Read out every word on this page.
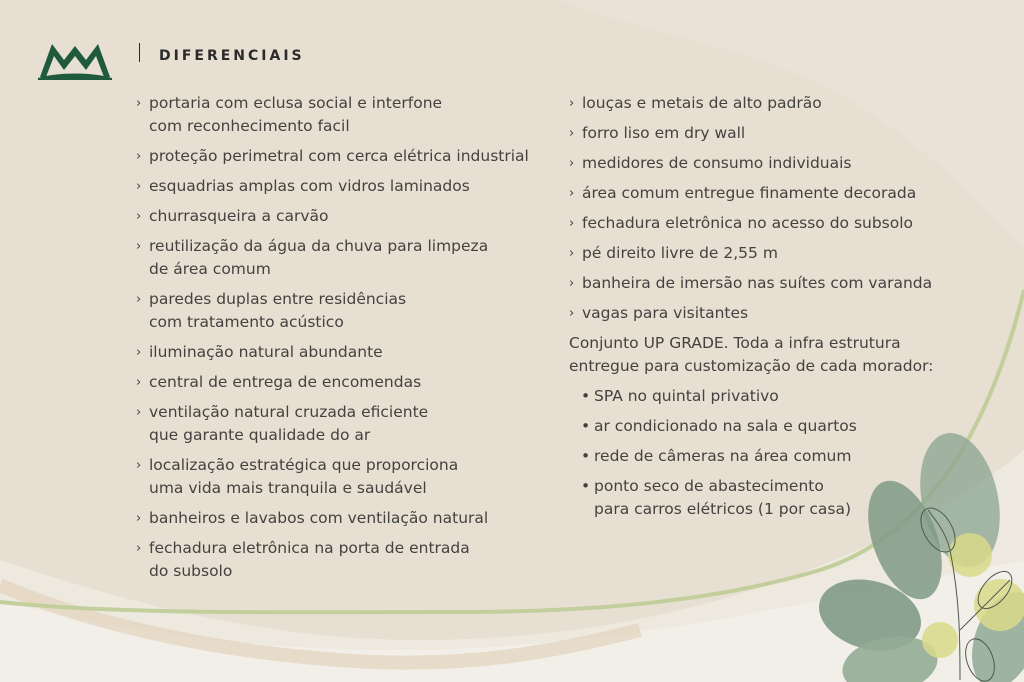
DIFERENCIAIS
› portaria com eclusa social e interfone
com reconhecimento facil
› proteção perimetral com cerca elétrica industrial
› esquadrias amplas com vidros laminados
› churrasqueira a carvão
› reutilização da água da chuva para limpeza
de área comum
› paredes duplas entre residências
com tratamento acústico
› iluminação natural abundante
› central de entrega de encomendas
› ventilação natural cruzada eficiente
que garante qualidade do ar
› localização estratégica que proporciona
uma vida mais tranquila e saudável
› banheiros e lavabos com ventilação natural
› fechadura eletrônica na porta de entrada
do subsolo
› louças e metais de alto padrão
› forro liso em dry wall
› medidores de consumo individuais
› área comum entregue finamente decorada
› fechadura eletrônica no acesso do subsolo
› pé direito livre de 2,55 m
› banheira de imersão nas suítes com varanda
› vagas para visitantes
Conjunto UP GRADE. Toda a infra estrutura
entregue para customização de cada morador:
• SPA no quintal privativo
• ar condicionado na sala e quartos
• rede de câmeras na área comum
• ponto seco de abastecimento
para carros elétricos (1 por casa)
